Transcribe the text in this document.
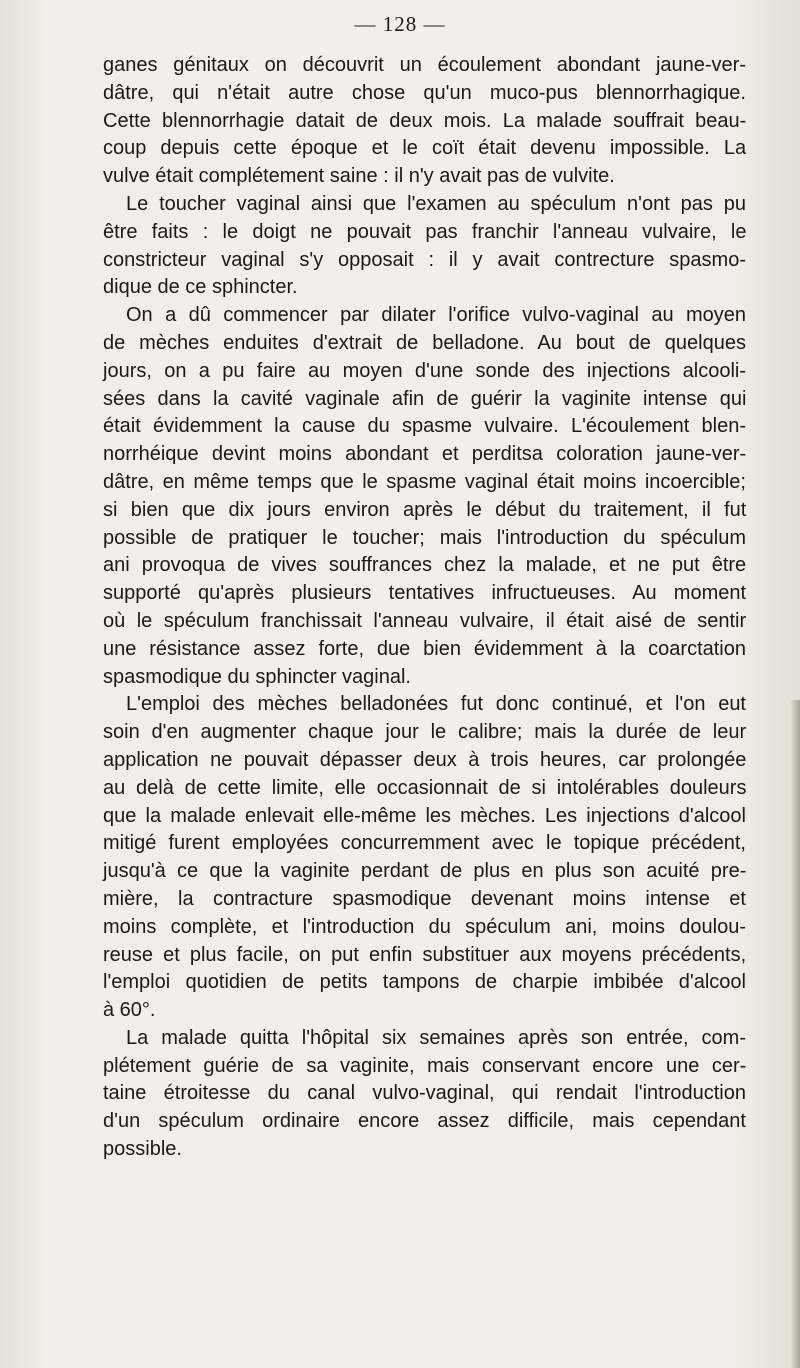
— 128 —

ganes génitaux on découvrit un écoulement abondant jaune-ver-
dâtre, qui n'était autre chose qu'un muco-pus blennorrhagique.
Cette blennorrhagie datait de deux mois. La malade souffrait beau-
coup depuis cette époque et le coït était devenu impossible. La
vulve était complétement saine : il n'y avait pas de vulvite.

Le toucher vaginal ainsi que l'examen au spéculum n'ont pas pu
être faits : le doigt ne pouvait pas franchir l'anneau vulvaire, le
constricteur vaginal s'y opposait : il y avait contrecture spasmo-
dique de ce sphincter.

On a dû commencer par dilater l'orifice vulvo-vaginal au moyen
de mèches enduites d'extrait de belladone. Au bout de quelques
jours, on a pu faire au moyen d'une sonde des injections alcooli-
sées dans la cavité vaginale afin de guérir la vaginite intense qui
était évidemment la cause du spasme vulvaire. L'écoulement blen-
norrhéique devint moins abondant et perditsa coloration jaune-ver-
dâtre, en même temps que le spasme vaginal était moins incoercible;
si bien que dix jours environ après le début du traitement, il fut
possible de pratiquer le toucher; mais l'introduction du spéculum
ani provoqua de vives souffrances chez la malade, et ne put être
supporté qu'après plusieurs tentatives infructueuses. Au moment
où le spéculum franchissait l'anneau vulvaire, il était aisé de sentir
une résistance assez forte, due bien évidemment à la coarctation
spasmodique du sphincter vaginal.

L'emploi des mèches belladonées fut donc continué, et l'on eut
soin d'en augmenter chaque jour le calibre; mais la durée de leur
application ne pouvait dépasser deux à trois heures, car prolongée
au delà de cette limite, elle occasionnait de si intolérables douleurs
que la malade enlevait elle-même les mèches. Les injections d'alcool
mitigé furent employées concurremment avec le topique précédent,
jusqu'à ce que la vaginite perdant de plus en plus son acuité pre-
mière, la contracture spasmodique devenant moins intense et
moins complète, et l'introduction du spéculum ani, moins doulou-
reuse et plus facile, on put enfin substituer aux moyens précédents,
l'emploi quotidien de petits tampons de charpie imbibée d'alcool
à 60°.

La malade quitta l'hôpital six semaines après son entrée, com-
plétement guérie de sa vaginite, mais conservant encore une cer-
taine étroitesse du canal vulvo-vaginal, qui rendait l'introduction
d'un spéculum ordinaire encore assez difficile, mais cependant
possible.
